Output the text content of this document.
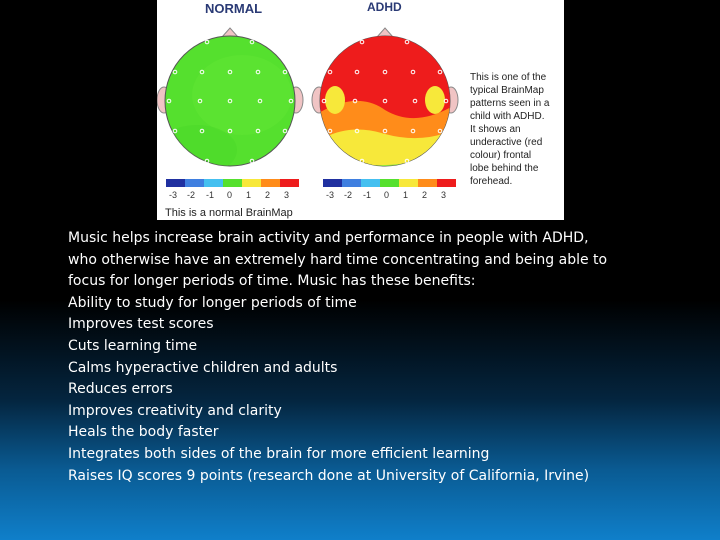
NORMAL	ADHD
-3 -2 -1 0 1 2 3	-3 -2 -1 0 1 2 3
This is a normal BrainMap
This is one of the
typical BrainMap
patterns seen in a
child with ADHD.
It shows an
underactive (red
colour) frontal
lobe behind the
forehead.
Music helps increase brain activity and performance in people with ADHD,
who otherwise have an extremely hard time concentrating and being able to
focus for longer periods of time. Music has these benefits:
Ability to study for longer periods of time
Improves test scores
Cuts learning time
Calms hyperactive children and adults
Reduces errors
Improves creativity and clarity
Heals the body faster
Integrates both sides of the brain for more efficient learning
Raises IQ scores 9 points (research done at University of California, Irvine)
